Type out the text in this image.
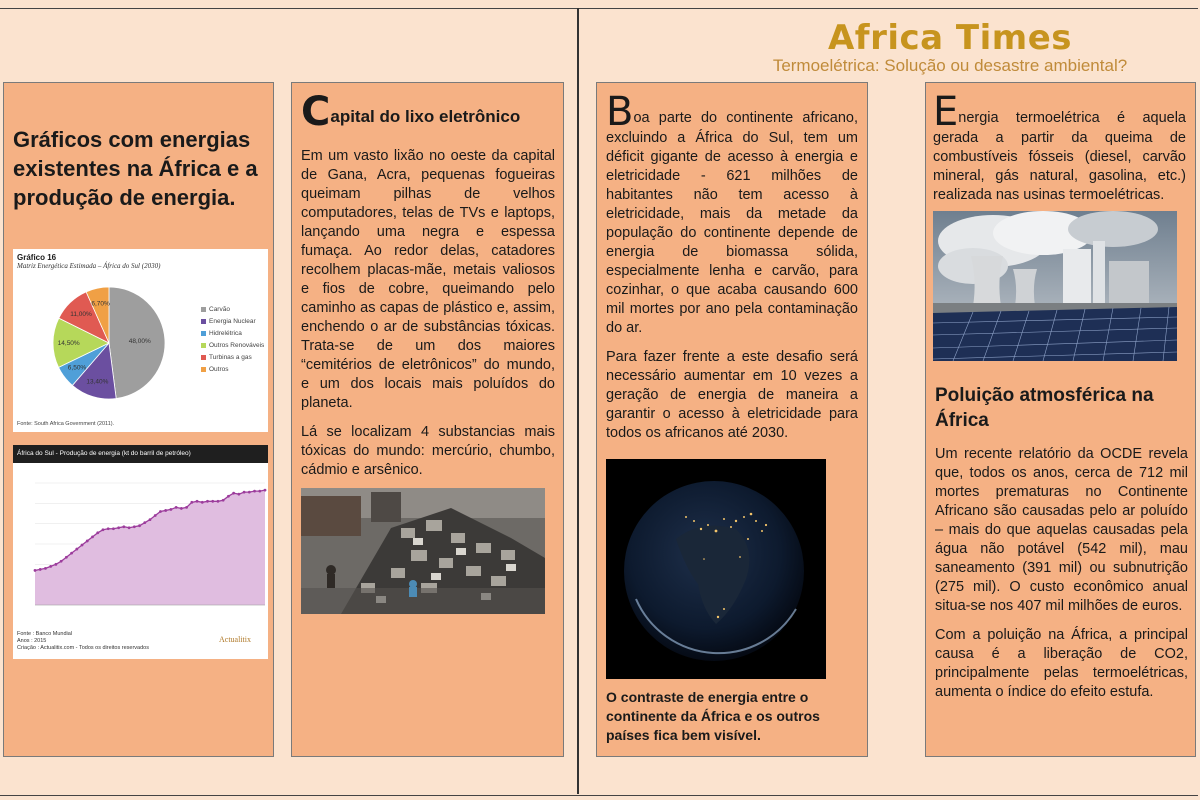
Africa Times
Termoelétrica: Solução ou desastre ambiental?
Gráficos com energias existentes na África e a produção de energia.
48,00%
13,40%
6,50%
14,50%
11,00%
6,70%
Gráfico 16
Matriz Energética Estimada – África do Sul (2030)
Carvão
Energia Nuclear
Hidrelétrica
Outros Renováveis
Turbinas a gas
Outros
Fonte: South Africa Government (2011).
África do Sul - Produção de energia (kt do barril de petróleo)
Fonte : Banco Mundial
Anos : 2015
Criação : Actualitix.com - Todos os direitos reservados
Actualitix
Capital do lixo eletrônico

Em um vasto lixão no oeste da capital de Gana, Acra, pequenas fogueiras queimam pilhas de velhos computadores, telas de TVs e laptops, lançando uma negra e espessa fumaça. Ao redor delas, catadores recolhem placas-mãe, metais valiosos e fios de cobre, queimando pelo caminho as capas de plástico e, assim, enchendo o ar de substâncias tóxicas. Trata-se de um dos maiores “cemitérios de eletrônicos” do mundo, e um dos locais mais poluídos do planeta.

Lá se localizam 4 substancias mais tóxicas do mundo: mercúrio, chumbo, cádmio e arsênico.

Boa parte do continente africano, excluindo a África do Sul, tem um déficit gigante de acesso à energia e eletricidade - 621 milhões de habitantes não tem acesso à eletricidade, mais da metade da população do continente depende de energia de biomassa sólida, especialmente lenha e carvão, para cozinhar, o que acaba causando 600 mil mortes por ano pela contaminação do ar.

Para fazer frente a este desafio será necessário aumentar em 10 vezes a geração de energia de maneira a garantir o acesso à eletricidade para todos os africanos até 2030.

O contraste de energia entre o continente da África e os outros países fica bem visível.

Energia termoelétrica é aquela gerada a partir da queima de combustíveis fósseis (diesel, carvão mineral, gás natural, gasolina, etc.) realizada nas usinas termoelétricas.

Poluição atmosférica na África

Um recente relatório da OCDE revela que, todos os anos, cerca de 712 mil mortes prematuras no Continente Africano são causadas pelo ar poluído – mais do que aquelas causadas pela água não potável (542 mil), mau saneamento (391 mil) ou subnutrição (275 mil). O custo econômico anual situa-se nos 407 mil milhões de euros.

Com a poluição na África, a principal causa é a liberação de CO2, principalmente pelas termoelétricas, aumenta o índice do efeito estufa.
